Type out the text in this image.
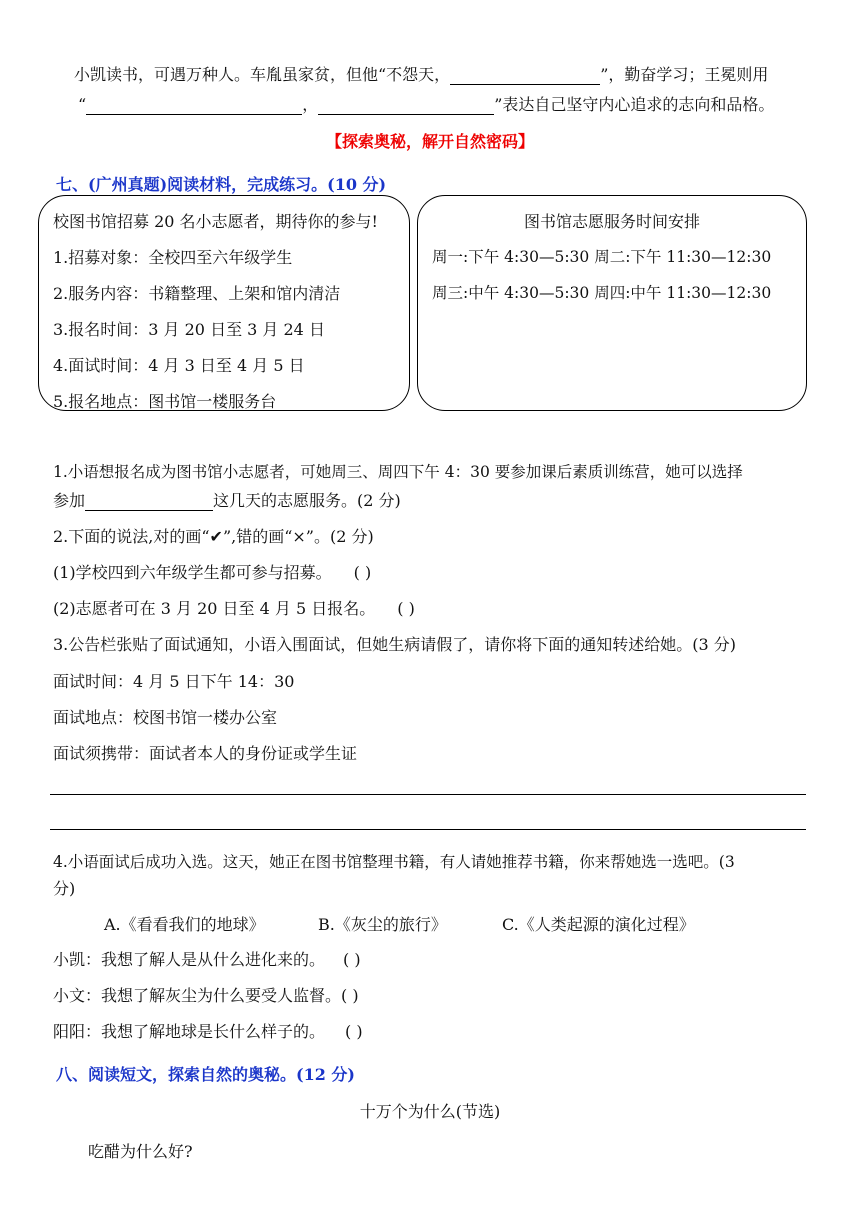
小凯读书，可遇万种人。车胤虽家贫，但他“不怨天，	”，勤奋学习；王冕则用
“	，	”表达自己坚守内心追求的志向和品格。
【探索奥秘，解开自然密码】
七、(广州真题)阅读材料，完成练习。(10 分)
校图书馆招募 20 名小志愿者，期待你的参与!
1.招募对象：全校四至六年级学生
2.服务内容：书籍整理、上架和馆内清洁
3.报名时间：3 月 20 日至 3 月 24 日
4.面试时间：4 月 3 日至 4 月 5 日
5.报名地点：图书馆一楼服务台
图书馆志愿服务时间安排
周一:下午 4:30—5:30 周二:下午 11:30—12:30
周三:中午 4:30—5:30 周四:中午 11:30—12:30
1.小语想报名成为图书馆小志愿者，可她周三、周四下午 4：30 要参加课后素质训练营，她可以选择
参加	这几天的志愿服务。(2 分)
2.下面的说法,对的画“✔”,错的画“×”。(2 分)
(1)学校四到六年级学生都可参与招募。 ( )
(2)志愿者可在 3 月 20 日至 4 月 5 日报名。 ( )
3.公告栏张贴了面试通知，小语入围面试，但她生病请假了，请你将下面的通知转述给她。(3 分)
面试时间：4 月 5 日下午 14：30
面试地点：校图书馆一楼办公室
面试须携带：面试者本人的身份证或学生证
4.小语面试后成功入选。这天，她正在图书馆整理书籍，有人请她推荐书籍，你来帮她选一选吧。(3
分)
A.《看看我们的地球》	B.《灰尘的旅行》	C.《人类起源的演化过程》
小凯：我想了解人是从什么进化来的。 ( )
小文：我想了解灰尘为什么要受人监督。( )
阳阳：我想了解地球是长什么样子的。 ( )
八、阅读短文，探索自然的奥秘。(12 分)
十万个为什么(节选)
吃醋为什么好?
